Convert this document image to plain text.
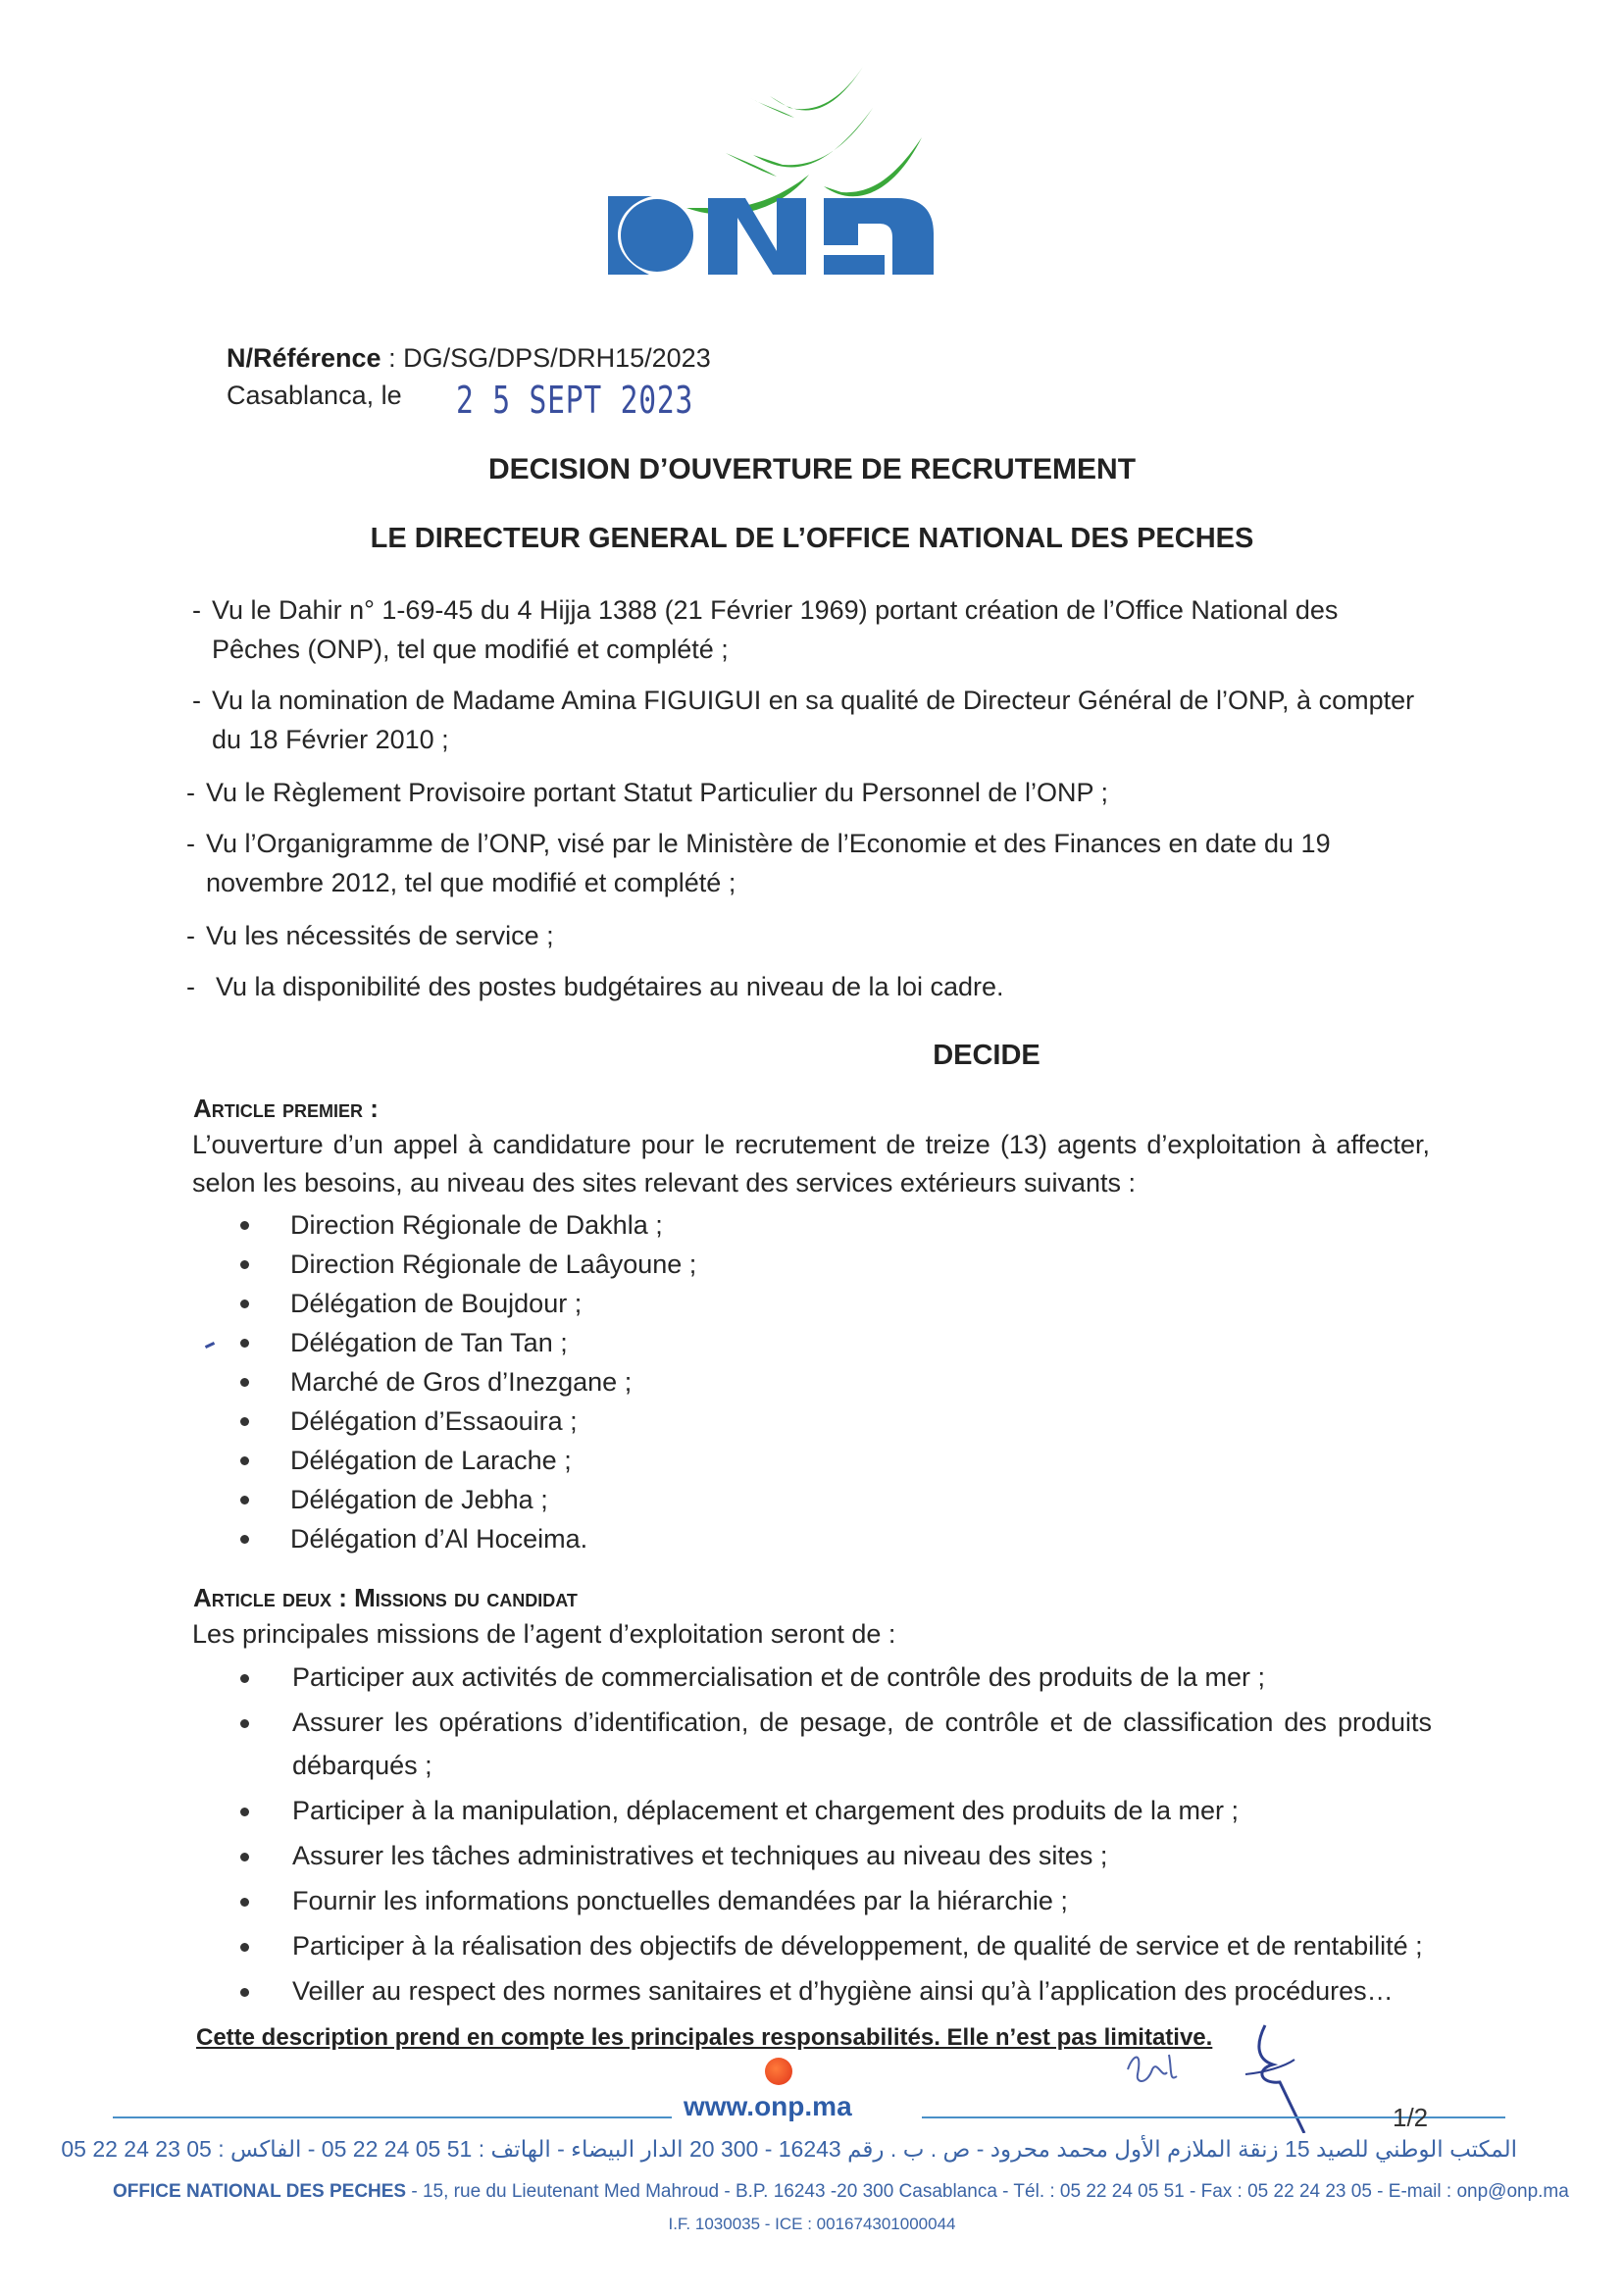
N/Référence : DG/SG/DPS/DRH15/2023
Casablanca, le	2 5 SEPT 2023
DECISION D’OUVERTURE DE RECRUTEMENT
LE DIRECTEUR GENERAL DE L’OFFICE NATIONAL DES PECHES
- Vu le Dahir n° 1-69-45 du 4 Hijja 1388 (21 Février 1969) portant création de l’Office National des Pêches (ONP), tel que modifié et complété ;
- Vu la nomination de Madame Amina FIGUIGUI en sa qualité de Directeur Général de l’ONP, à compter du 18 Février 2010 ;
- Vu le Règlement Provisoire portant Statut Particulier du Personnel de l’ONP ;
- Vu l’Organigramme de l’ONP, visé par le Ministère de l’Economie et des Finances en date du 19 novembre 2012, tel que modifié et complété ;
- Vu les nécessités de service ;
- Vu la disponibilité des postes budgétaires au niveau de la loi cadre.
DECIDE
Article premier :
L’ouverture d’un appel à candidature pour le recrutement de treize (13) agents d’exploitation à affecter, selon les besoins, au niveau des sites relevant des services extérieurs suivants :
Direction Régionale de Dakhla ;
Direction Régionale de Laâyoune ;
Délégation de Boujdour ;
Délégation de Tan Tan ;
Marché de Gros d’Inezgane ;
Délégation d’Essaouira ;
Délégation de Larache ;
Délégation de Jebha ;
Délégation d’Al Hoceima.
Article deux : Missions du candidat
Les principales missions de l’agent d’exploitation seront de :
Participer aux activités de commercialisation et de contrôle des produits de la mer ;
Assurer les opérations d’identification, de pesage, de contrôle et de classification des produits débarqués ;
Participer à la manipulation, déplacement et chargement des produits de la mer ;
Assurer les tâches administratives et techniques au niveau des sites ;
Fournir les informations ponctuelles demandées par la hiérarchie ;
Participer à la réalisation des objectifs de développement, de qualité de service et de rentabilité ;
Veiller au respect des normes sanitaires et d’hygiène ainsi qu’à l’application des procédures…
Cette description prend en compte les principales responsabilités. Elle n’est pas limitative.
www.onp.ma	1/2
المكتب الوطني للصيد 15 زنقة الملازم الأول محمد محرود - ص . ب . رقم 16243 - 300 20 الدار البيضاء - الهاتف : 51 05 24 22 05 - الفاكس : 05 23 24 22 05
OFFICE NATIONAL DES PECHES - 15, rue du Lieutenant Med Mahroud - B.P. 16243 -20 300 Casablanca - Tél. : 05 22 24 05 51 - Fax : 05 22 24 23 05 - E-mail : onp@onp.ma
I.F. 1030035 - ICE : 001674301000044
